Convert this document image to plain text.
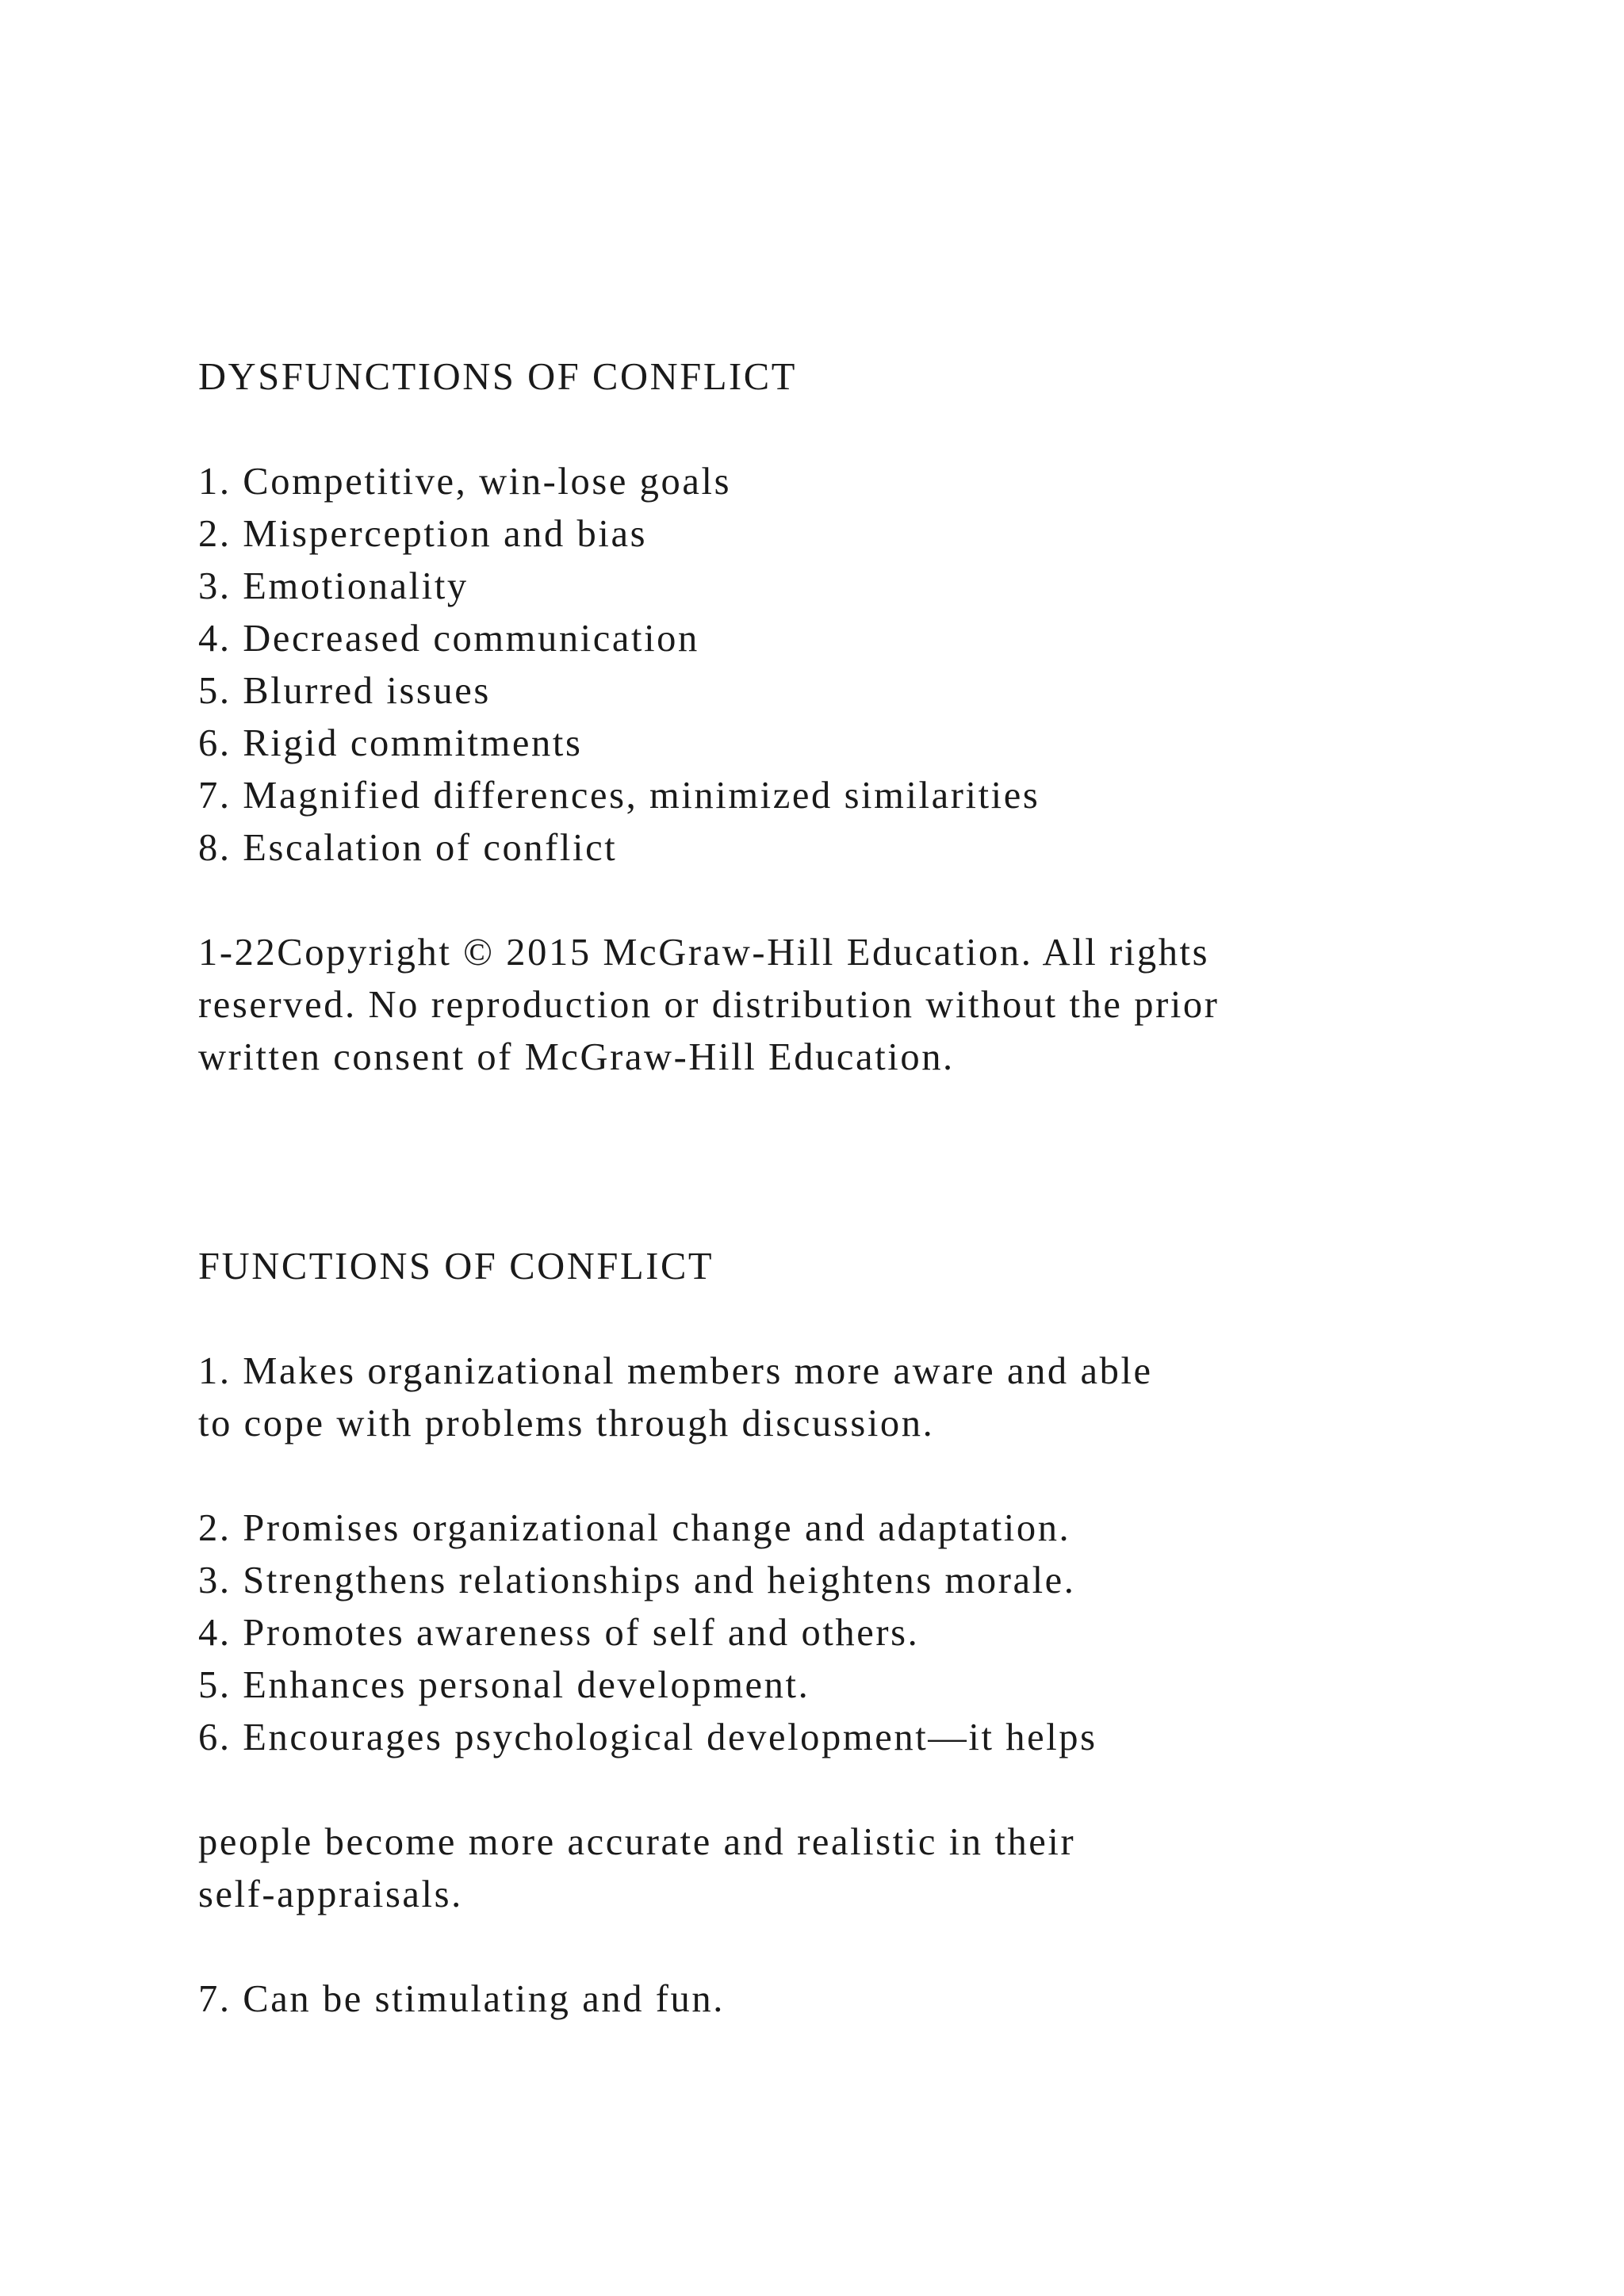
DYSFUNCTIONS OF CONFLICT
1. Competitive, win-lose goals
2. Misperception and bias
3. Emotionality
4. Decreased communication
5. Blurred issues
6. Rigid commitments
7. Magnified differences, minimized similarities
8. Escalation of conflict
1-22Copyright © 2015 McGraw-Hill Education. All rights
reserved. No reproduction or distribution without the prior
written consent of McGraw-Hill Education.
FUNCTIONS OF CONFLICT
1. Makes organizational members more aware and able
to cope with problems through discussion.
2. Promises organizational change and adaptation.
3. Strengthens relationships and heightens morale.
4. Promotes awareness of self and others.
5. Enhances personal development.
6. Encourages psychological development—it helps
people become more accurate and realistic in their
self-appraisals.
7. Can be stimulating and fun.
